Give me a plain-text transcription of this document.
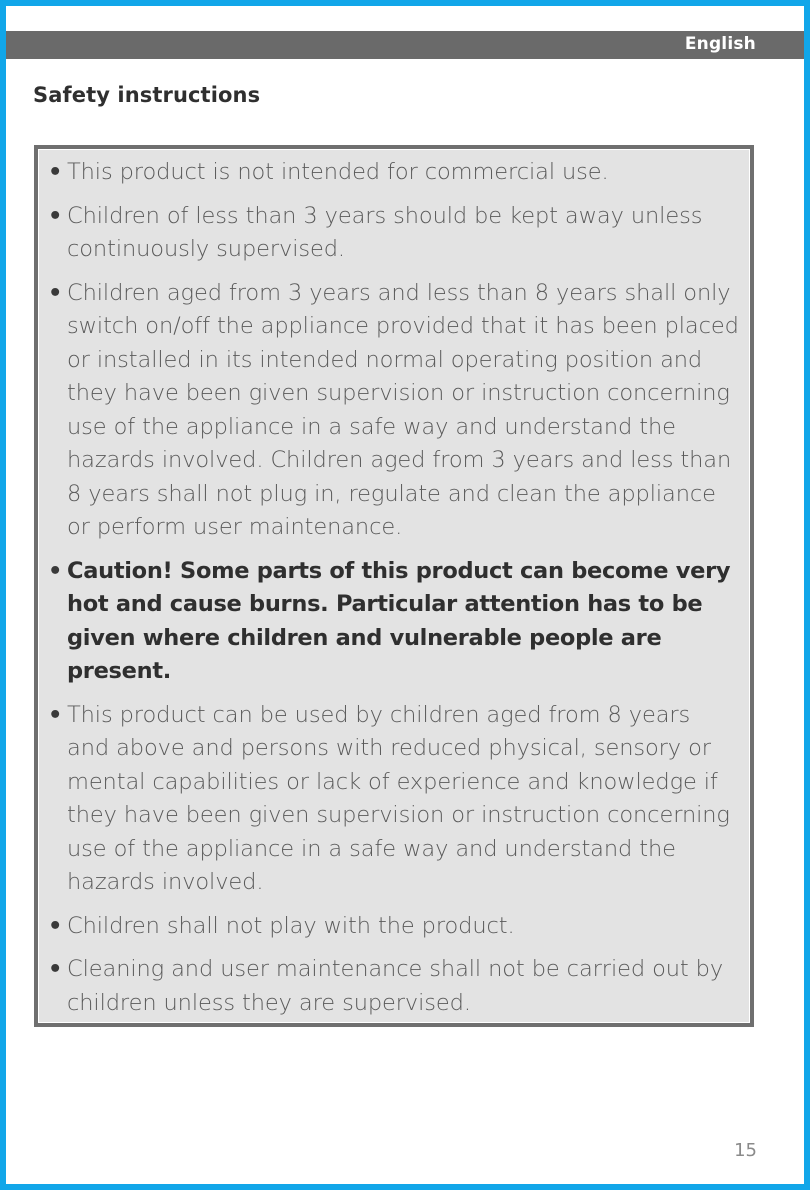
English
Safety instructions
• This product is not intended for commercial use.
• Children of less than 3 years should be kept away unless continuously supervised.
• Children aged from 3 years and less than 8 years shall only switch on/off the appliance provided that it has been placed or installed in its intended normal operating position and they have been given supervision or instruction concerning use of the appliance in a safe way and understand the hazards involved. Children aged from 3 years and less than 8 years shall not plug in, regulate and clean the appliance or perform user maintenance.
• Caution! Some parts of this product can become very hot and cause burns. Particular attention has to be given where children and vulnerable people are present.
• This product can be used by children aged from 8 years and above and persons with reduced physical, sensory or mental capabilities or lack of experience and knowledge if they have been given supervision or instruction concerning use of the appliance in a safe way and understand the hazards involved.
• Children shall not play with the product.
• Cleaning and user maintenance shall not be carried out by children unless they are supervised.
15
